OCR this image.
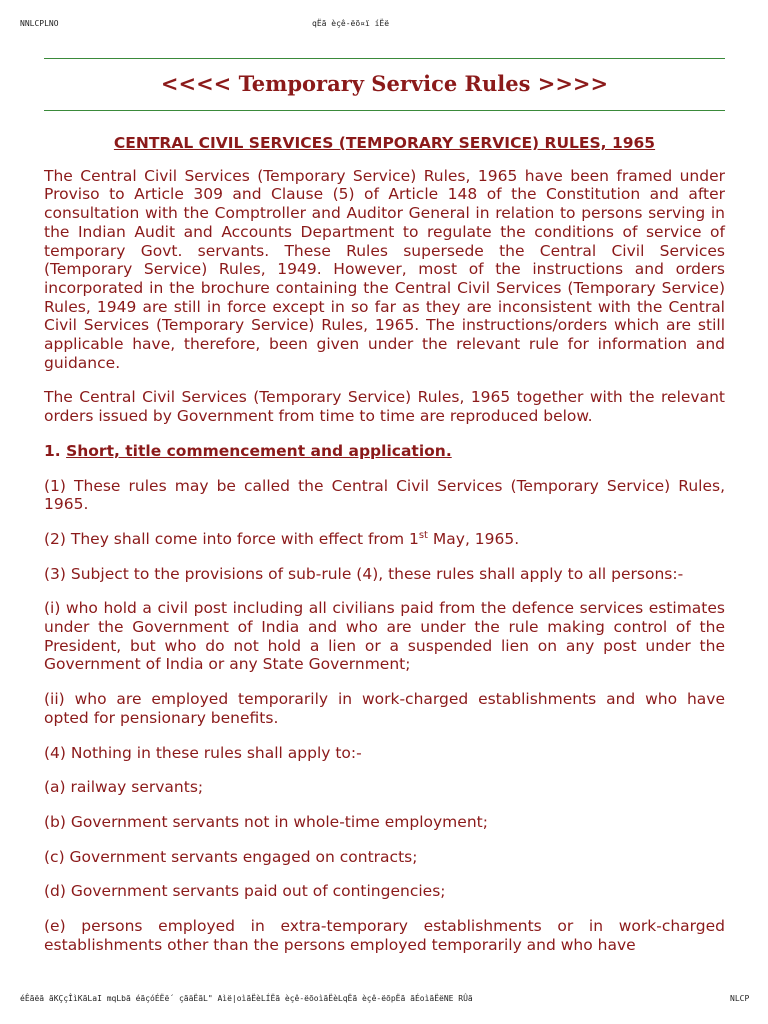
NNLCPLNO	qËã èçê-ëõ¤ï íËë
<<<< Temporary Service Rules >>>>

CENTRAL CIVIL SERVICES (TEMPORARY SERVICE) RULES, 1965

The Central Civil Services (Temporary Service) Rules, 1965 have been framed under Proviso to Article 309 and Clause (5) of Article 148 of the Constitution and after consultation with the Comptroller and Auditor General in relation to persons serving in the Indian Audit and Accounts Department to regulate the conditions of service of temporary Govt. servants. These Rules supersede the Central Civil Services (Temporary Service) Rules, 1949. However, most of the instructions and orders incorporated in the brochure containing the Central Civil Services (Temporary Service) Rules, 1949 are still in force except in so far as they are inconsistent with the Central Civil Services (Temporary Service) Rules, 1965. The instructions/orders which are still applicable have, therefore, been given under the relevant rule for information and guidance.

The Central Civil Services (Temporary Service) Rules, 1965 together with the relevant orders issued by Government from time to time are reproduced below.

1. Short, title commencement and application.

(1) These rules may be called the Central Civil Services (Temporary Service) Rules, 1965.

(2) They shall come into force with effect from 1st May, 1965.

(3) Subject to the provisions of sub-rule (4), these rules shall apply to all persons:-

(i) who hold a civil post including all civilians paid from the defence services estimates under the Government of India and who are under the rule making control of the President, but who do not hold a lien or a suspended lien on any post under the Government of India or any State Government;

(ii) who are employed temporarily in work-charged establishments and who have opted for pensionary benefits.

(4) Nothing in these rules shall apply to:-

(a) railway servants;

(b) Government servants not in whole-time employment;

(c) Government servants engaged on contracts;

(d) Government servants paid out of contingencies;

(e) persons employed in extra-temporary establishments or in work-charged establishments other than the persons employed temporarily and who have

éÊãëã ãKÇçÎìKãLaI mqLbã éãçóÉËë´ çãäËãL" Aìë|oìãËèLÍËã èçê-ëõoìãËèLqËã èçê-ëõpËã ãÉoìãËëNE RÛã	NLCP
